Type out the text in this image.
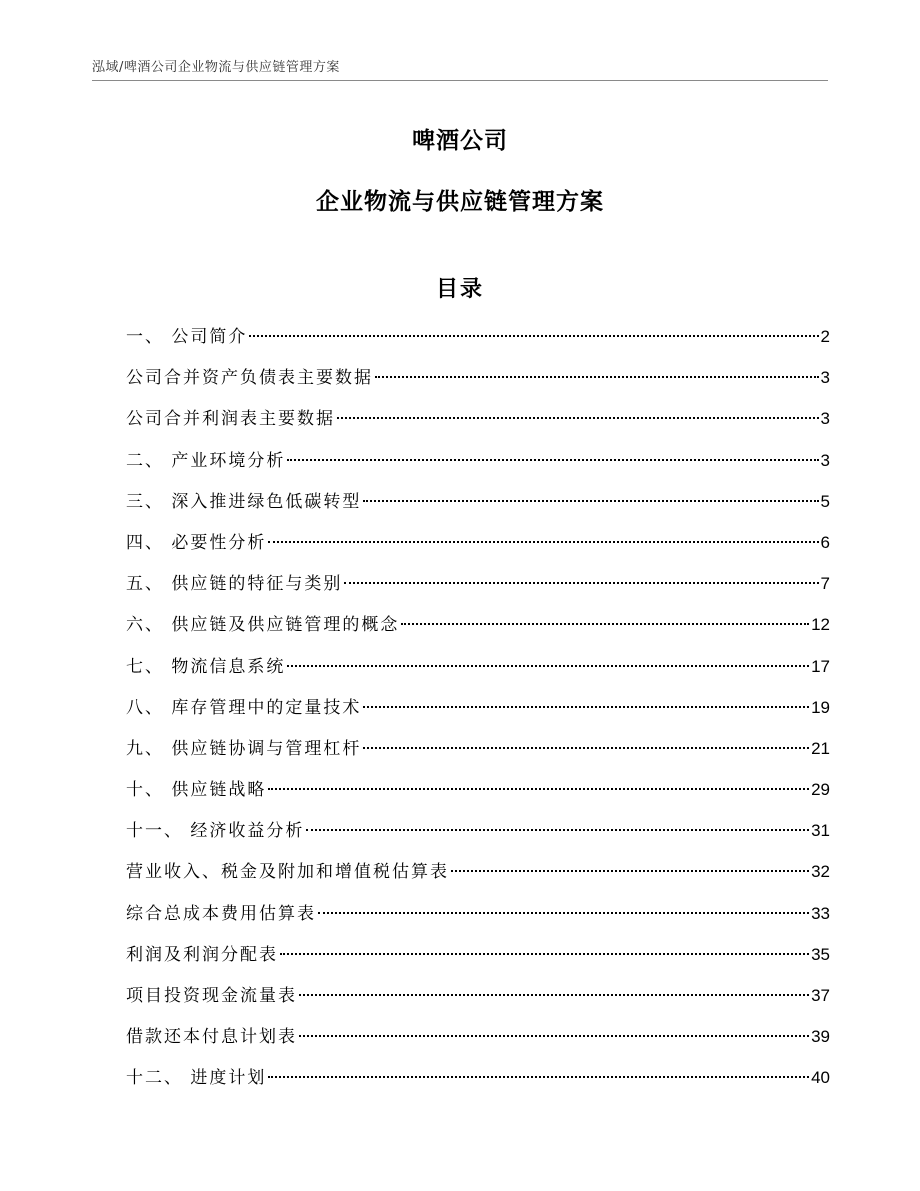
泓域/啤酒公司企业物流与供应链管理方案
啤酒公司
企业物流与供应链管理方案
目录
一、 公司简介	2
公司合并资产负债表主要数据	3
公司合并利润表主要数据	3
二、 产业环境分析	3
三、 深入推进绿色低碳转型	5
四、 必要性分析	6
五、 供应链的特征与类别	7
六、 供应链及供应链管理的概念	12
七、 物流信息系统	17
八、 库存管理中的定量技术	19
九、 供应链协调与管理杠杆	21
十、 供应链战略	29
十一、 经济收益分析	31
营业收入、税金及附加和增值税估算表	32
综合总成本费用估算表	33
利润及利润分配表	35
项目投资现金流量表	37
借款还本付息计划表	39
十二、 进度计划	40
